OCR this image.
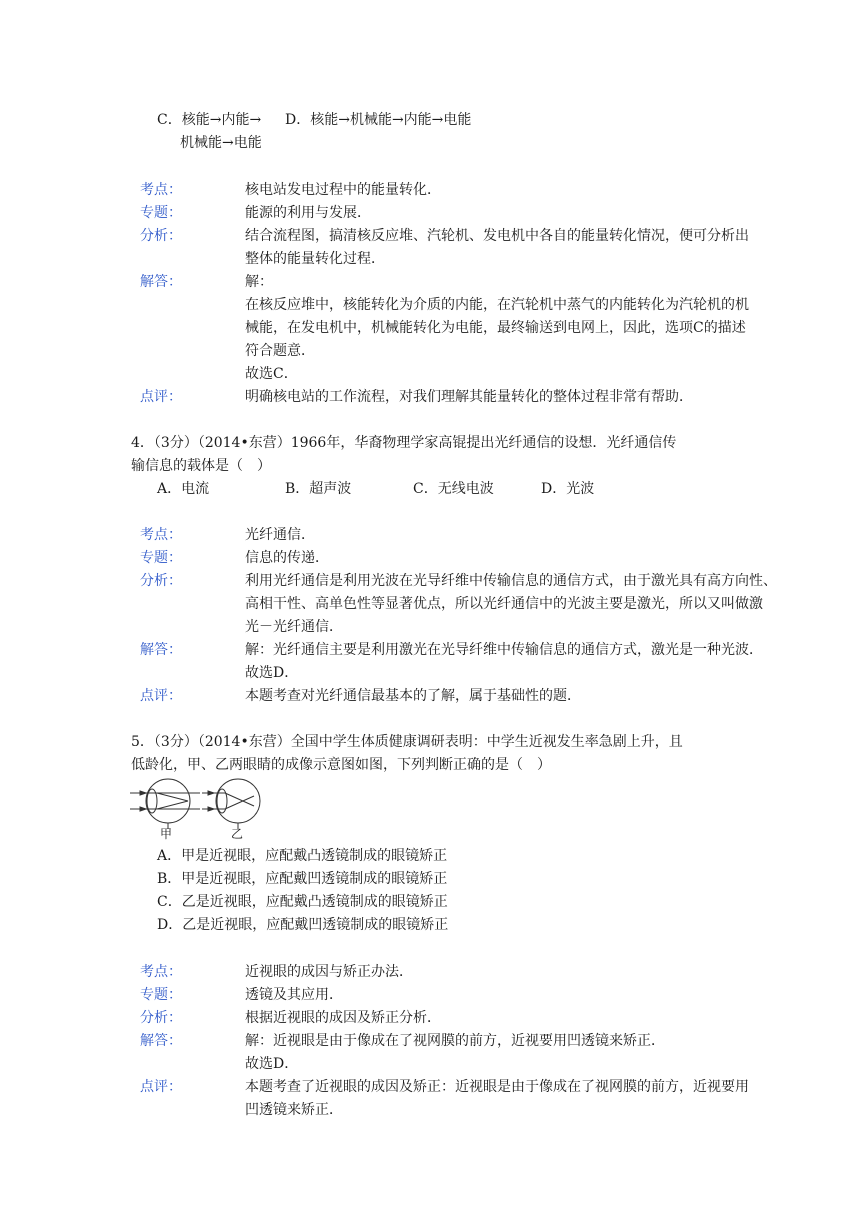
C．核能→内能→ D．核能→机械能→内能→电能
机械能→电能
考点：	核电站发电过程中的能量转化．
专题：	能源的利用与发展．
分析：	结合流程图，搞清核反应堆、汽轮机、发电机中各自的能量转化情况，便可分析出
整体的能量转化过程．
解答：	解：
在核反应堆中，核能转化为介质的内能，在汽轮机中蒸气的内能转化为汽轮机的机
械能，在发电机中，机械能转化为电能，最终输送到电网上，因此，选项C的描述
符合题意．
故选C．
点评：	明确核电站的工作流程，对我们理解其能量转化的整体过程非常有帮助．
4．（3分）（2014•东营）1966年，华裔物理学家高锟提出光纤通信的设想．光纤通信传
输信息的载体是（　）
A．电流	B．超声波	C．无线电波	D．光波
考点：	光纤通信．
专题：	信息的传递．
分析：	利用光纤通信是利用光波在光导纤维中传输信息的通信方式，由于激光具有高方向性、
高相干性、高单色性等显著优点，所以光纤通信中的光波主要是激光，所以又叫做激
光－光纤通信．
解答：	解：光纤通信主要是利用激光在光导纤维中传输信息的通信方式，激光是一种光波．
故选D．
点评：	本题考查对光纤通信最基本的了解，属于基础性的题．
5．（3分）（2014•东营）全国中学生体质健康调研表明：中学生近视发生率急剧上升，且
低龄化，甲、乙两眼睛的成像示意图如图，下列判断正确的是（　）
甲	乙
A．甲是近视眼，应配戴凸透镜制成的眼镜矫正
B．甲是近视眼，应配戴凹透镜制成的眼镜矫正
C．乙是近视眼，应配戴凸透镜制成的眼镜矫正
D．乙是近视眼，应配戴凹透镜制成的眼镜矫正
考点：	近视眼的成因与矫正办法．
专题：	透镜及其应用．
分析：	根据近视眼的成因及矫正分析．
解答：	解：近视眼是由于像成在了视网膜的前方，近视要用凹透镜来矫正．
故选D．
点评：	本题考查了近视眼的成因及矫正：近视眼是由于像成在了视网膜的前方，近视要用
凹透镜来矫正．
